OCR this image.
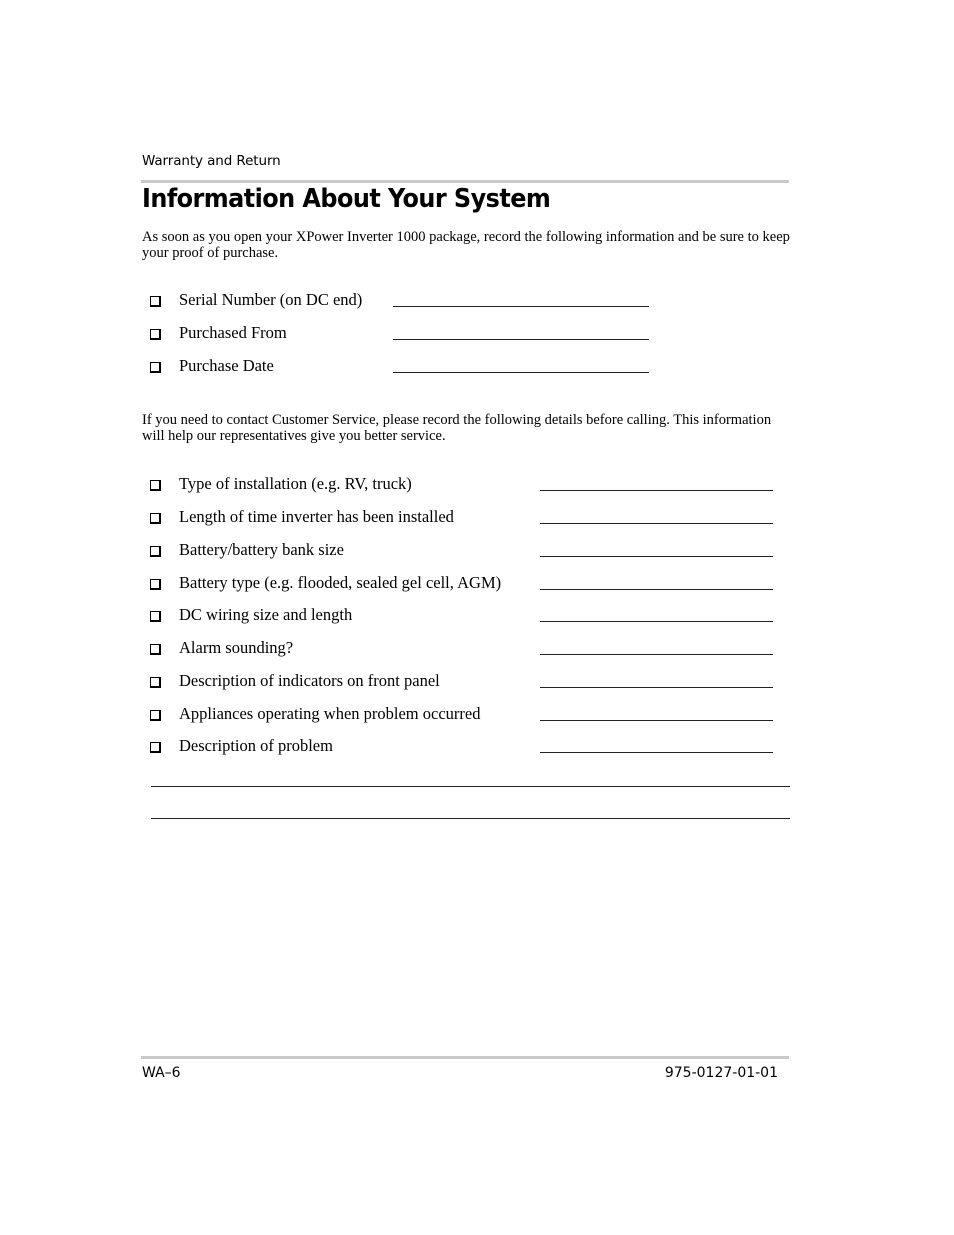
Warranty and Return
Information About Your System

As soon as you open your XPower Inverter 1000 package, record the following information and be sure to keep your proof of purchase.

Serial Number (on DC end)
Purchased From
Purchase Date

If you need to contact Customer Service, please record the following details before calling. This information will help our representatives give you better service.

Type of installation (e.g. RV, truck)
Length of time inverter has been installed
Battery/battery bank size
Battery type (e.g. flooded, sealed gel cell, AGM)
DC wiring size and length
Alarm sounding?
Description of indicators on front panel
Appliances operating when problem occurred
Description of problem
WA–6	975-0127-01-01
